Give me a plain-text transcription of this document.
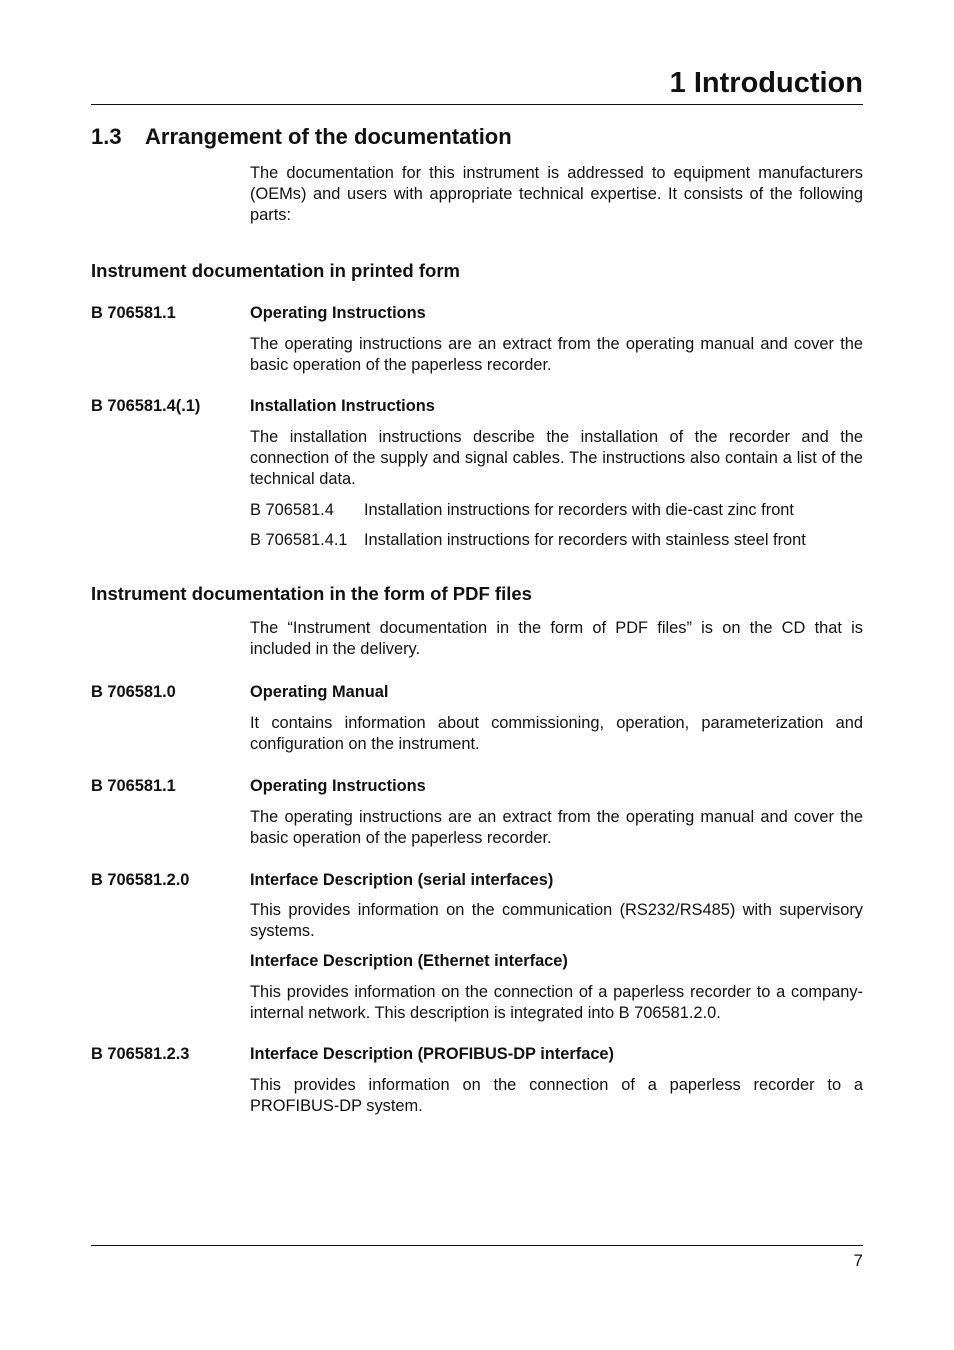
1 Introduction
1.3	Arrangement of the documentation

The documentation for this instrument is addressed to equipment manufacturers (OEMs) and users with appropriate technical expertise. It consists of the following parts:

Instrument documentation in printed form
B 706581.1	Operating Instructions

The operating instructions are an extract from the operating manual and cover the basic operation of the paperless recorder.

B 706581.4(.1)	Installation Instructions

The installation instructions describe the installation of the recorder and the connection of the supply and signal cables. The instructions also contain a list of the technical data.

B 706581.4	Installation instructions for recorders with die-cast zinc front
B 706581.4.1	Installation instructions for recorders with stainless steel front
Instrument documentation in the form of PDF files

The “Instrument documentation in the form of PDF files” is on the CD that is included in the delivery.

B 706581.0	Operating Manual

It contains information about commissioning, operation, parameterization and configuration on the instrument.

B 706581.1	Operating Instructions

The operating instructions are an extract from the operating manual and cover the basic operation of the paperless recorder.

B 706581.2.0	Interface Description (serial interfaces)

This provides information on the communication (RS232/RS485) with supervisory systems.

Interface Description (Ethernet interface)

This provides information on the connection of a paperless recorder to a company-internal network. This description is integrated into B 706581.2.0.

B 706581.2.3	Interface Description (PROFIBUS-DP interface)

This provides information on the connection of a paperless recorder to a PROFIBUS-DP system.

7
